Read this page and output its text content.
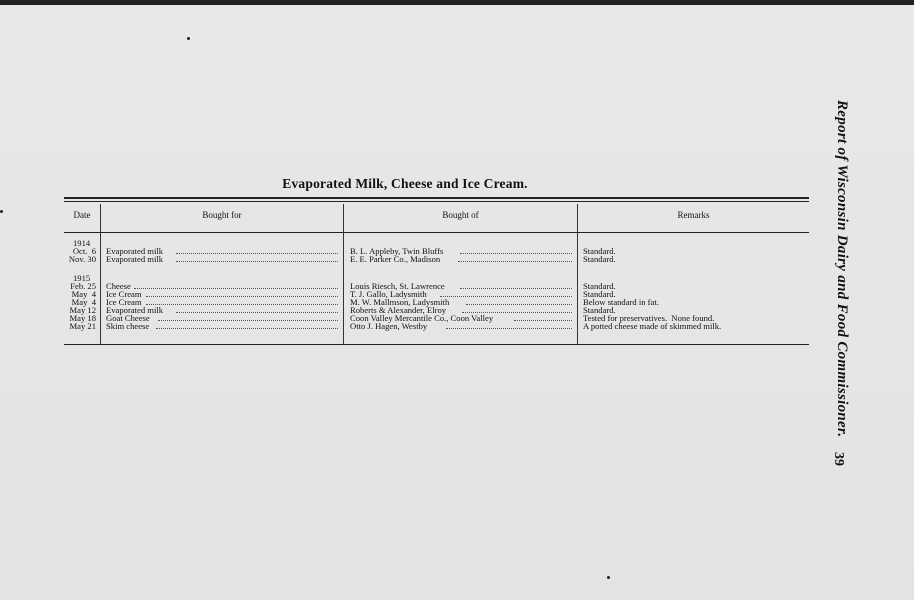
Evaporated Milk, Cheese and Ice Cream.
Date	Bought for	Bought of	Remarks
1914
Oct.  6 Evaporated milk	B. L. Appleby, Twin Bluffs	Standard.
Nov. 30 Evaporated milk	E. E. Parker Co., Madison	Standard.
1915
Feb. 25 Cheese	Louis Riesch, St. Lawrence	Standard.
May  4 Ice Cream	T. J. Gallo, Ladysmith	Standard.
May  4 Ice Cream	M. W. Mallmson, Ladysmith	Below standard in fat.
May 12 Evaporated milk	Roberts & Alexander, Elroy	Standard.
May 18 Goat Cheese	Coon Valley Mercantile Co., Coon Valley	Tested for preservatives.  None found.
May 21 Skim cheese	Otto J. Hagen, Westby	A potted cheese made of skimmed milk.	Report of Wisconsin Dairy and Food Commissioner.
39
